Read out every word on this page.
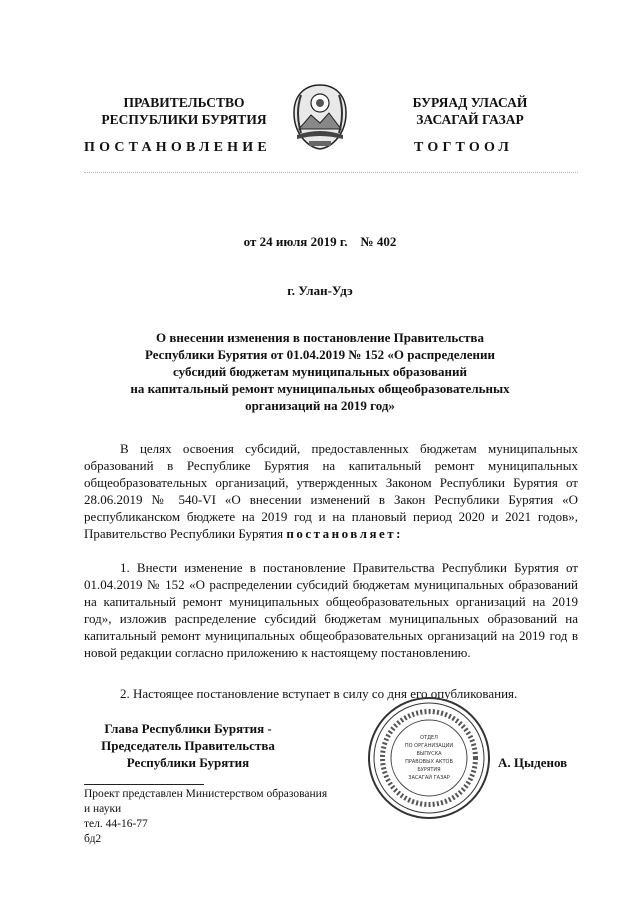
ПРАВИТЕЛЬСТВО
РЕСПУБЛИКИ БУРЯТИЯ
ПОСТАНОВЛЕНИЕ
БУРЯАД УЛАСАЙ
ЗАСАГАЙ ГАЗАР
ТОГТООЛ
от 24 июля 2019 г.    № 402
г. Улан-Удэ
О внесении изменения в постановление Правительства
Республики Бурятия от 01.04.2019 № 152 «О распределении
субсидий бюджетам муниципальных образований
на капитальный ремонт муниципальных общеобразовательных
организаций на 2019 год»
В целях освоения субсидий, предоставленных бюджетам муниципальных образований в Республике Бурятия на капитальный ремонт муниципальных общеобразовательных организаций, утвержденных Законом Республики Бурятия от 28.06.2019 № 540-VI «О внесении изменений в Закон Республики Бурятия «О республиканском бюджете на 2019 год и на плановый период 2020 и 2021 годов», Правительство Республики Бурятия постановляет:
1. Внести изменение в постановление Правительства Республики Бурятия от 01.04.2019 № 152 «О распределении субсидий бюджетам муниципальных образований на капитальный ремонт муниципальных общеобразовательных организаций на 2019 год», изложив распределение субсидий бюджетам муниципальных образований на капитальный ремонт муниципальных общеобразовательных организаций на 2019 год в новой редакции согласно приложению к настоящему постановлению.
2. Настоящее постановление вступает в силу со дня его опубликования.
Глава Республики Бурятия -
Председатель Правительства
Республики Бурятия
ОТДЕЛ
ПО ОРГАНИЗАЦИИ
ВЫПУСКА
ПРАВОВЫХ АКТОВ
БУРЯТИЯ
ЗАСАГАЙ ГАЗАР
А. Цыденов
Проект представлен Министерством образования
и науки
тел. 44-16-77
бд2
